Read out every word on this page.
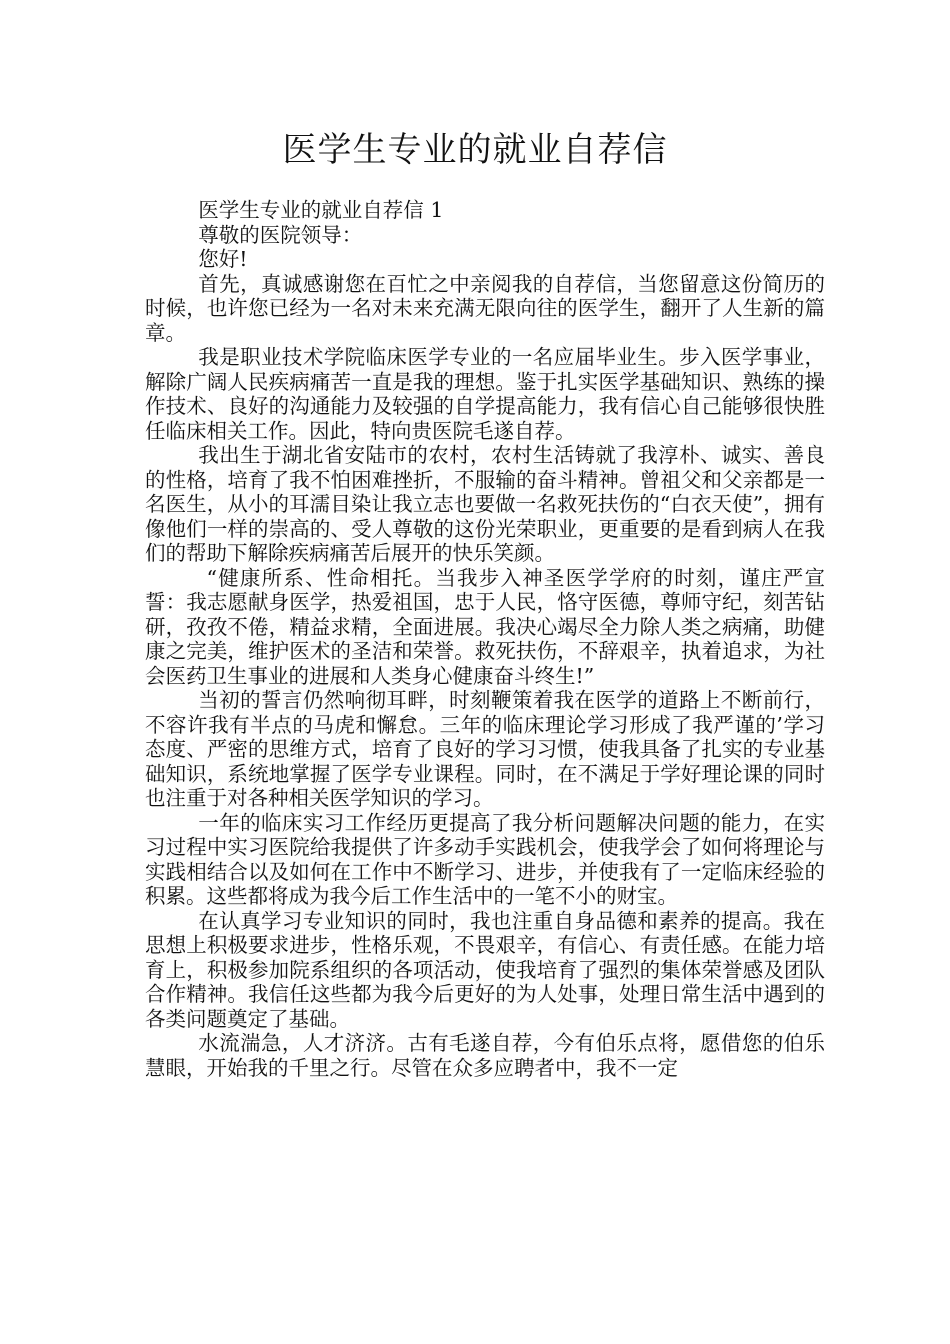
医学生专业的就业自荐信

医学生专业的就业自荐信 1

尊敬的医院领导：

您好!

首先，真诚感谢您在百忙之中亲阅我的自荐信，当您留意这份简历的时候，也许您已经为一名对未来充满无限向往的医学生，翻开了人生新的篇章。

我是职业技术学院临床医学专业的一名应届毕业生。步入医学事业，解除广阔人民疾病痛苦一直是我的理想。鉴于扎实医学基础知识、熟练的操作技术、良好的沟通能力及较强的自学提高能力，我有信心自己能够很快胜任临床相关工作。因此，特向贵医院毛遂自荐。

我出生于湖北省安陆市的农村，农村生活铸就了我淳朴、诚实、善良的性格，培育了我不怕困难挫折，不服输的奋斗精神。曾祖父和父亲都是一名医生，从小的耳濡目染让我立志也要做一名救死扶伤的“白衣天使”，拥有像他们一样的崇高的、受人尊敬的这份光荣职业，更重要的是看到病人在我们的帮助下解除疾病痛苦后展开的快乐笑颜。

“健康所系、性命相托。当我步入神圣医学学府的时刻，谨庄严宣誓：我志愿献身医学，热爱祖国，忠于人民，恪守医德，尊师守纪，刻苦钻研，孜孜不倦，精益求精，全面进展。我决心竭尽全力除人类之病痛，助健康之完美，维护医术的圣洁和荣誉。救死扶伤，不辞艰辛，执着追求，为社会医药卫生事业的进展和人类身心健康奋斗终生!”

当初的誓言仍然响彻耳畔，时刻鞭策着我在医学的道路上不断前行，不容许我有半点的马虎和懈怠。三年的临床理论学习形成了我严谨的’学习态度、严密的思维方式，培育了良好的学习习惯，使我具备了扎实的专业基础知识，系统地掌握了医学专业课程。同时，在不满足于学好理论课的同时也注重于对各种相关医学知识的学习。

一年的临床实习工作经历更提高了我分析问题解决问题的能力，在实习过程中实习医院给我提供了许多动手实践机会，使我学会了如何将理论与实践相结合以及如何在工作中不断学习、进步，并使我有了一定临床经验的积累。这些都将成为我今后工作生活中的一笔不小的财宝。

在认真学习专业知识的同时，我也注重自身品德和素养的提高。我在思想上积极要求进步，性格乐观，不畏艰辛，有信心、有责任感。在能力培育上，积极参加院系组织的各项活动，使我培育了强烈的集体荣誉感及团队合作精神。我信任这些都为我今后更好的为人处事，处理日常生活中遇到的各类问题奠定了基础。

水流湍急，人才济济。古有毛遂自荐，今有伯乐点将，愿借您的伯乐慧眼，开始我的千里之行。尽管在众多应聘者中，我不一定
